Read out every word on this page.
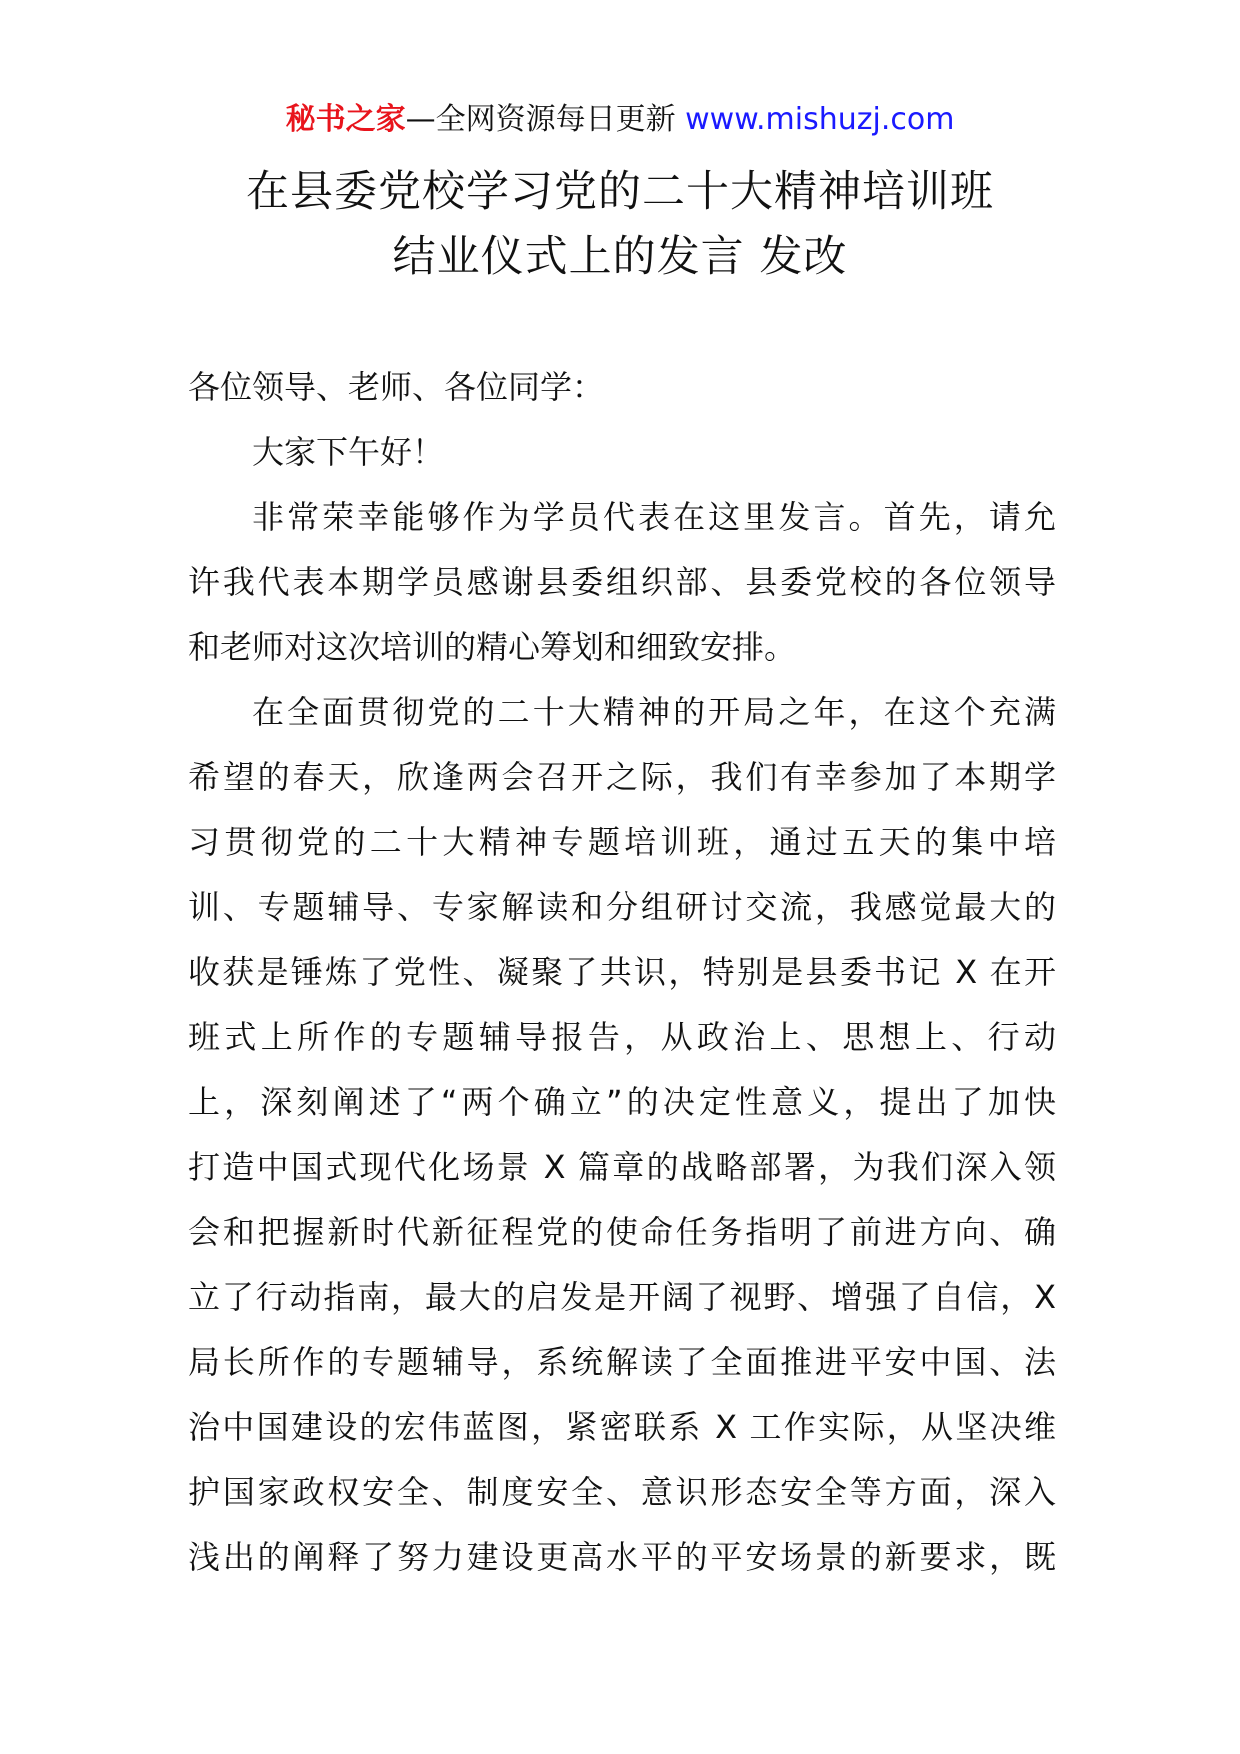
秘书之家—全网资源每日更新 www.mishuzj.com
在县委党校学习党的二十大精神培训班
结业仪式上的发言 发改
各位领导、老师、各位同学：
大家下午好！
非常荣幸能够作为学员代表在这里发言。首先，请允
许我代表本期学员感谢县委组织部、县委党校的各位领导
和老师对这次培训的精心筹划和细致安排。
在全面贯彻党的二十大精神的开局之年，在这个充满
希望的春天，欣逢两会召开之际，我们有幸参加了本期学
习贯彻党的二十大精神专题培训班，通过五天的集中培
训、专题辅导、专家解读和分组研讨交流，我感觉最大的
收获是锤炼了党性、凝聚了共识，特别是县委书记 X 在开
班式上所作的专题辅导报告，从政治上、思想上、行动
上，深刻阐述了“两个确立”的决定性意义，提出了加快
打造中国式现代化场景 X 篇章的战略部署，为我们深入领
会和把握新时代新征程党的使命任务指明了前进方向、确
立了行动指南，最大的启发是开阔了视野、增强了自信，X
局长所作的专题辅导，系统解读了全面推进平安中国、法
治中国建设的宏伟蓝图，紧密联系 X 工作实际，从坚决维
护国家政权安全、制度安全、意识形态安全等方面，深入
浅出的阐释了努力建设更高水平的平安场景的新要求，既
